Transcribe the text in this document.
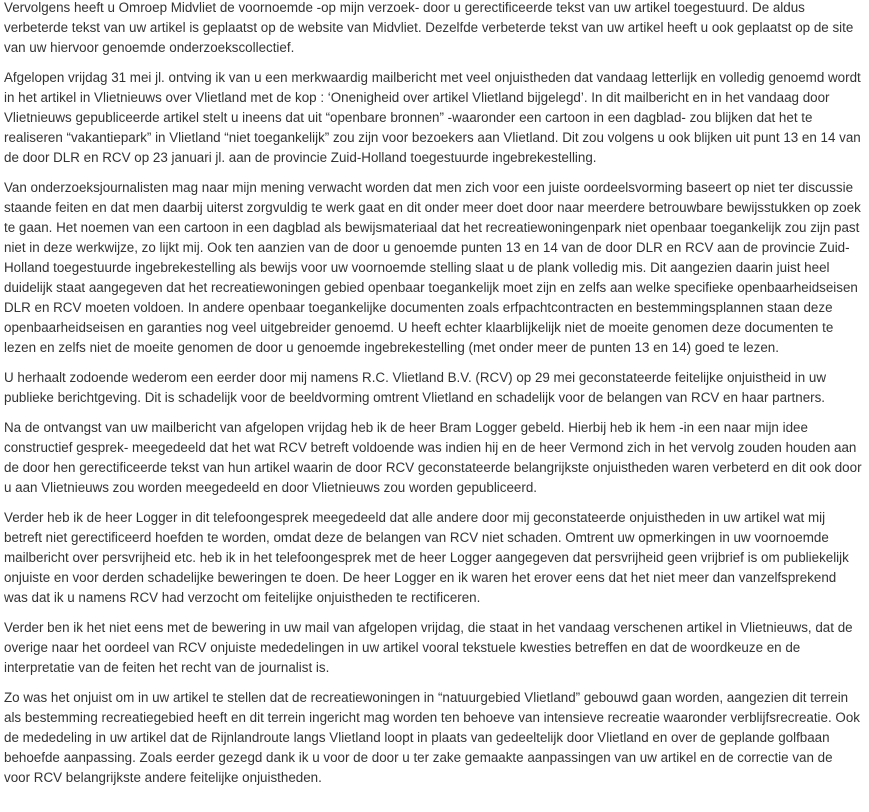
Vervolgens heeft u Omroep Midvliet de voornoemde -op mijn verzoek- door u gerectificeerde tekst van uw artikel toegestuurd. De aldus verbeterde tekst van uw artikel is geplaatst op de website van Midvliet. Dezelfde verbeterde tekst van uw artikel heeft u ook geplaatst op de site van uw hiervoor genoemde onderzoekscollectief.

Afgelopen vrijdag 31 mei jl. ontving ik van u een merkwaardig mailbericht met veel onjuistheden dat vandaag letterlijk en volledig genoemd wordt in het artikel in Vlietnieuws over Vlietland met de kop : ‘Onenigheid over artikel Vlietland bijgelegd’. In dit mailbericht en in het vandaag door Vlietnieuws gepubliceerde artikel stelt u ineens dat uit “openbare bronnen” -waaronder een cartoon in een dagblad- zou blijken dat het te realiseren “vakantiepark” in Vlietland “niet toegankelijk” zou zijn voor bezoekers aan Vlietland. Dit zou volgens u ook blijken uit punt 13 en 14 van de door DLR en RCV op 23 januari jl. aan de provincie Zuid-Holland toegestuurde ingebrekestelling.

Van onderzoeksjournalisten mag naar mijn mening verwacht worden dat men zich voor een juiste oordeelsvorming baseert op niet ter discussie staande feiten en dat men daarbij uiterst zorgvuldig te werk gaat en dit onder meer doet door naar meerdere betrouwbare bewijsstukken op zoek te gaan. Het noemen van een cartoon in een dagblad als bewijsmateriaal dat het recreatiewoningenpark niet openbaar toegankelijk zou zijn past niet in deze werkwijze, zo lijkt mij. Ook ten aanzien van de door u genoemde punten 13 en 14 van de door DLR en RCV aan de provincie Zuid-Holland toegestuurde ingebrekestelling als bewijs voor uw voornoemde stelling slaat u de plank volledig mis. Dit aangezien daarin juist heel duidelijk staat aangegeven dat het recreatiewoningen gebied openbaar toegankelijk moet zijn en zelfs aan welke specifieke openbaarheidseisen DLR en RCV moeten voldoen. In andere openbaar toegankelijke documenten zoals erfpachtcontracten en bestemmingsplannen staan deze openbaarheidseisen en garanties nog veel uitgebreider genoemd. U heeft echter klaarblijkelijk niet de moeite genomen deze documenten te lezen en zelfs niet de moeite genomen de door u genoemde ingebrekestelling (met onder meer de punten 13 en 14) goed te lezen.

U herhaalt zodoende wederom een eerder door mij namens R.C. Vlietland B.V. (RCV) op 29 mei geconstateerde feitelijke onjuistheid in uw publieke berichtgeving. Dit is schadelijk voor de beeldvorming omtrent Vlietland en schadelijk voor de belangen van RCV en haar partners.

Na de ontvangst van uw mailbericht van afgelopen vrijdag heb ik de heer Bram Logger gebeld. Hierbij heb ik hem -in een naar mijn idee constructief gesprek- meegedeeld dat het wat RCV betreft voldoende was indien hij en de heer Vermond zich in het vervolg zouden houden aan de door hen gerectificeerde tekst van hun artikel waarin de door RCV geconstateerde belangrijkste onjuistheden waren verbeterd en dit ook door u aan Vlietnieuws zou worden meegedeeld en door Vlietnieuws zou worden gepubliceerd.

Verder heb ik de heer Logger in dit telefoongesprek meegedeeld dat alle andere door mij geconstateerde onjuistheden in uw artikel wat mij betreft niet gerectificeerd hoefden te worden, omdat deze de belangen van RCV niet schaden. Omtrent uw opmerkingen in uw voornoemde mailbericht over persvrijheid etc. heb ik in het telefoongesprek met de heer Logger aangegeven dat persvrijheid geen vrijbrief is om publiekelijk onjuiste en voor derden schadelijke beweringen te doen. De heer Logger en ik waren het erover eens dat het niet meer dan vanzelfsprekend was dat ik u namens RCV had verzocht om feitelijke onjuistheden te rectificeren.

Verder ben ik het niet eens met de bewering in uw mail van afgelopen vrijdag, die staat in het vandaag verschenen artikel in Vlietnieuws, dat de overige naar het oordeel van RCV onjuiste mededelingen in uw artikel vooral tekstuele kwesties betreffen en dat de woordkeuze en de interpretatie van de feiten het recht van de journalist is.

Zo was het onjuist om in uw artikel te stellen dat de recreatiewoningen in “natuurgebied Vlietland” gebouwd gaan worden, aangezien dit terrein als bestemming recreatiegebied heeft en dit terrein ingericht mag worden ten behoeve van intensieve recreatie waaronder verblijfsrecreatie. Ook de mededeling in uw artikel dat de Rijnlandroute langs Vlietland loopt in plaats van gedeeltelijk door Vlietland en over de geplande golfbaan behoefde aanpassing. Zoals eerder gezegd dank ik u voor de door u ter zake gemaakte aanpassingen van uw artikel en de correctie van de voor RCV belangrijkste andere feitelijke onjuistheden.
